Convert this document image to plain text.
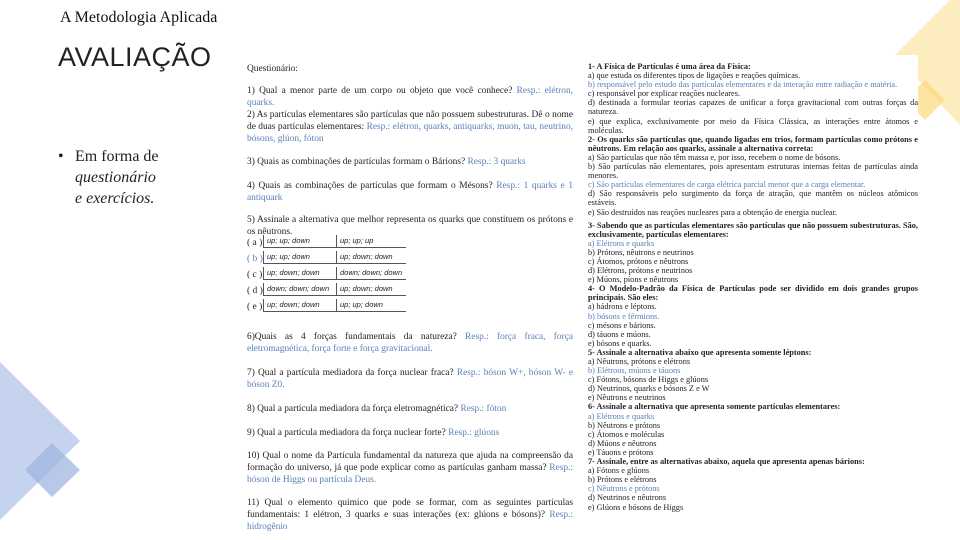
A Metodologia Aplicada
AVALIAÇÃO
• Em forma de
questionário
e exercícios.
Questionário:
1) Qual a menor parte de um corpo ou objeto que você conhece? Resp.: elétron, quarks.
2) As partículas elementares são partículas que não possuem subestruturas. Dê o nome de duas partículas elementares: Resp.: elétron, quarks, antiquarks, muon, tau, neutrino, bósons, glúon, fóton
3) Quais as combinações de partículas formam o Bárions? Resp.: 3 quarks
4) Quais as combinações de partículas que formam o Mésons? Resp.: 1 quarks e 1 antiquark
5) Assinale a alternativa que melhor representa os quarks que constituem os prótons e os nêutrons.
6)Quais as 4 forças fundamentais da natureza? Resp.: força fraca, força eletromagnética, força forte e força gravitacional.
7) Qual a partícula mediadora da força nuclear fraca? Resp.: bóson W+, bóson W- e bóson Z0.
8) Qual a partícula mediadora da força eletromagnética? Resp.: fóton
9) Qual a partícula mediadora da força nuclear forte? Resp.: glúons
10) Qual o nome da Partícula fundamental da natureza que ajuda na compreensão da formação do universo, já que pode explicar como as partículas ganham massa? Resp.: bóson de Higgs ou partícula Deus.
11) Qual o elemento químico que pode se formar, com as seguintes partículas fundamentais: 1 elétron, 3 quarks e suas interações (ex: glúons e bósons)? Resp.: hidrogênio
( a ) up; up; down	up; up; up
( b ) up; up; down	up; down; down
( c ) up; down; down	down; down; down
( d ) down; down; down	up; down; down
( e ) up; down; down	up; up; down
1- A Física de Partículas é uma área da Física:
a) que estuda os diferentes tipos de ligações e reações químicas.
b) responsável pelo estudo das partículas elementares e da interação entre radiação e matéria.
c) responsável por explicar reações nucleares.
d) destinada a formular teorias capazes de unificar a força gravitacional com outras forças da natureza.
e) que explica, exclusivamente por meio da Física Clássica, as interações entre átomos e moléculas.
2- Os quarks são partículas que, quando ligadas em trios, formam partículas como prótons e nêutrons. Em relação aos quarks, assinale a alternativa correta:
a) São partículas que não têm massa e, por isso, recebem o nome de bósons.
b) São partículas não elementares, pois apresentam estruturas internas feitas de partículas ainda menores.
c) São partículas elementares de carga elétrica parcial menor que a carga elementar.
d) São responsáveis pelo surgimento da força de atração, que mantêm os núcleos atômicos estáveis.
e) São destruídos nas reações nucleares para a obtenção de energia nuclear.
3- Sabendo que as partículas elementares são partículas que não possuem subestruturas. São, exclusivamente, partículas elementares:
a) Elétrons e quarks
b) Prótons, nêutrons e neutrinos
c) Átomos, prótons e nêutrons
d) Elétrons, prótons e neutrinos
e) Múons, píons e nêutrons
4- O Modelo-Padrão da Física de Partículas pode ser dividido em dois grandes grupos principais. São eles:
a) hádrons e léptons.
b) bósons e férmions.
c) mésons e bárions.
d) táuons e múons.
e) bósons e quarks.
5- Assinale a alternativa abaixo que apresenta somente léptons:
a) Nêutrons, prótons e elétrons
b) Elétrons, múons e táuons
c) Fótons, bósons de Higgs e glúons
d) Neutrinos, quarks e bósons Z e W
e) Nêutrons e neutrinos
6- Assinale a alternativa que apresenta somente partículas elementares:
a) Elétrons e quarks
b) Nêutrons e prótons
c) Átomos e moléculas
d) Múons e nêutrons
e) Táuons e prótons
7- Assinale, entre as alternativas abaixo, aquela que apresenta apenas bárions:
a) Fótons e glúons
b) Prótons e elétrons
c) Nêutrons e prótons
d) Neutrinos e nêutrons
e) Glúons e bósons de Higgs
